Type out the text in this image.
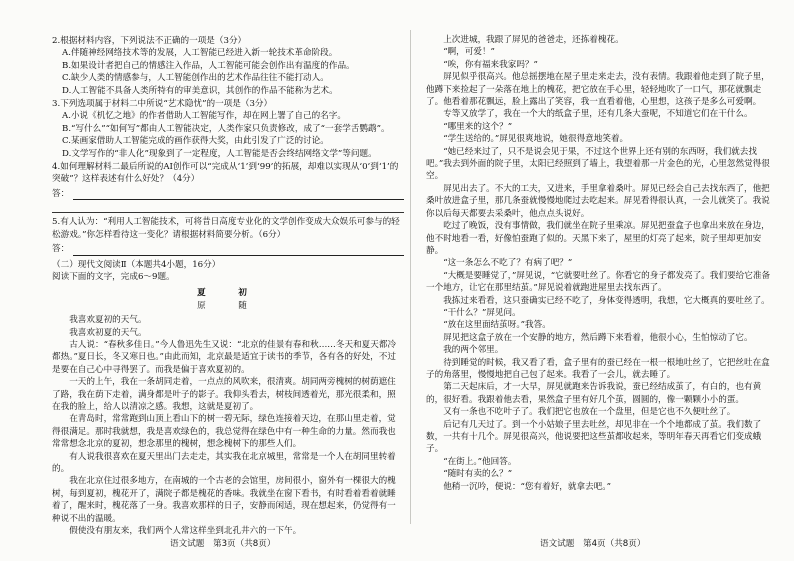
2.根据材料内容，下列说法不正确的一项是（3分）

A.伴随神经网络技术等的发展，人工智能已经进入新一轮技术革命阶段。

B.如果设计者把自己的情感注入作品，人工智能可能会创作出有温度的作品。

C.缺少人类的情感参与，人工智能创作出的艺术作品往往不能打动人。

D.人工智能不具备人类所特有的审美意识，其创作的作品不能称为艺术。

3.下列选项属于材料二中所说“艺术隐忧”的一项是（3分）

A.小说《机忆之地》的作者借助人工智能写作，却在网上署了自己的名字。

B.“写什么”“如何写”都由人工智能决定，人类作家只负责修改，成了“一套学舌鹦鹉”。

C.某画家借助人工智能完成的画作获得大奖，由此引发了广泛的讨论。

D.文学写作的“非人化”现象到了一定程度，人工智能是否会终结网络文学”等问题。

4.如何理解材料二最后所说的AI创作可以“完成从‘1’到‘99’的拓展，却难以实现从‘0’到‘1’的突破”？这样表述有什么好处？（4分）

答：

5.有人认为：“利用人工智能技术，可将昔日高度专业化的文学创作变成大众娱乐可参与的轻松游戏。”你怎样看待这一变化？请根据材料简要分析。（6分）

答：

（二）现代文阅读Ⅱ（本题共4小题，16分）

阅读下面的文字，完成6～9题。

夏　初

原　随

我喜欢夏初的天气。

我喜欢初夏的天气。

古人说：“春秋多佳日。”今人鲁迅先生又说：“北京的佳景有春和秋……冬天和夏天都冷都热。”夏日长，冬又寒日也。”由此而知，北京最是适宜于读书的季节，各有各的好处，不过是要在自己心中寻得罢了。而我是偏于喜欢夏初的。

一天的上午，我在一条胡同走着，一点点的风吹来，很清爽。胡同两旁槐树的树荫遮住了路，我在荫下走着，满身都是叶子的影子。我仰头看去，树枝间透着光，那光很柔和，照在我的脸上，给人以清凉之感。我想，这就是夏初了。

在青岛时，常常跑到山顶上看山下的树一碧无际，绿色连接着天边，在那山里走着，觉得很满足。那时我就想，我是喜欢绿色的，我总觉得在绿色中有一种生命的力量。然而我也常常想念北京的夏初，想念那里的槐树，想念槐树下的那些人们。

有人说我很喜欢在夏天里出门去走走，其实我在北京城里，常常是一个人在胡同里转着的。

我在北京住过很多地方，在南城的一个古老的会馆里，房间很小，窗外有一棵很大的槐树，每到夏初，槐花开了，满院子都是槐花的香味。我就坐在窗下看书，有时看着看着就睡着了，醒来时，槐花落了一身。我喜欢那样的日子，安静而闲适，现在想起来，仍觉得有一种说不出的温暖。

假使没有朋友来，我们两个人常这样坐到北孔井六的一下午。

上次进城，我跟了屏见的爸爸走，还拣着槐花。

“啊，可爱！”

“唉，你有福来我家吗？”

屏见似乎很高兴。他总摇摆地在屋子里走来走去，没有表情。我跟着他走到了院子里，他蹲下来捡起了一朵落在地上的槐花，把它放在手心里，轻轻地吹了一口气，那花就飘走了。他看着那花飘远，脸上露出了笑容，我一直看着他，心里想，这孩子是多么可爱啊。

专等又放学了，我在一个大的纸盒子里，还有几条大蚕呢，不知道它们在干什么。

“哪里来的这个？”

“学生送给的。”屏见很爽地说，她很得意地笑着。

“她已经来过了，只不是说会见于果，不过这个世界上还有别的东西呀，我们就去找吧。”我去到外面的院子里，太阳已经照到了墙上，我望着那一片金色的光，心里忽然觉得很空。

屏见出去了。不大的工夫，又进来，手里拿着桑叶。屏见已经会自己去找东西了，他把桑叶放进盒子里，那几条蚕就慢慢地爬过去吃起来。屏见看得很认真，一会儿就笑了。我说你以后每天都要去采桑叶，他点点头说好。

吃过了晚饭，没有事情做，我们就坐在院子里乘凉。屏见把蚕盒子也拿出来放在身边，他不时地看一看，好像怕蚕跑了似的。天黑下来了，屋里的灯亮了起来，院子里却更加安静。

“这一条怎么不吃了？有病了吧？”

“大概是要睡觉了，”屏见说，“它就要吐丝了。你看它的身子都发亮了。我们要给它准备一个地方，让它在那里结茧。”屏见说着就跑进屋里去找东西了。

我拣过来看看，这只蚕确实已经不吃了，身体变得透明，我想，它大概真的要吐丝了。

“干什么？”屏见问。

“放在这里面结茧呀。”我答。

屏见把这盒子放在一个安静的地方，然后蹲下来看着，他很小心，生怕惊动了它。

我的两个邻里。

待到睡觉的时候，我又看了看，盒子里有的蚕已经在一根一根地吐丝了，它把丝吐在盒子的角落里，慢慢地把自己包了起来。我看了一会儿，就去睡了。

第二天起床后，才一大早，屏见就跑来告诉我说，蚕已经结成茧了，有白的，也有黄的，很好看。我跟着他去看，果然盒子里有好几个茧，圆圆的，像一颗颗小小的蛋。

又有一条也不吃叶子了。我们把它也放在一个盘里，但是它也不久便吐丝了。

后记有几天过了。到一个小姑娘子里去吐丝，却见非在一个个地都成了茧。我们数了数，一共有十几个。屏见很高兴，他说要把这些茧都收起来，等明年春天再看它们变成蛾子。

“在街上。”他回答。

“随时有卖的么？”

他稍一沉吟，便说：“您有着好，就拿去吧。”

语文试题　第3页（共8页）	语文试题　第4页（共8页）
